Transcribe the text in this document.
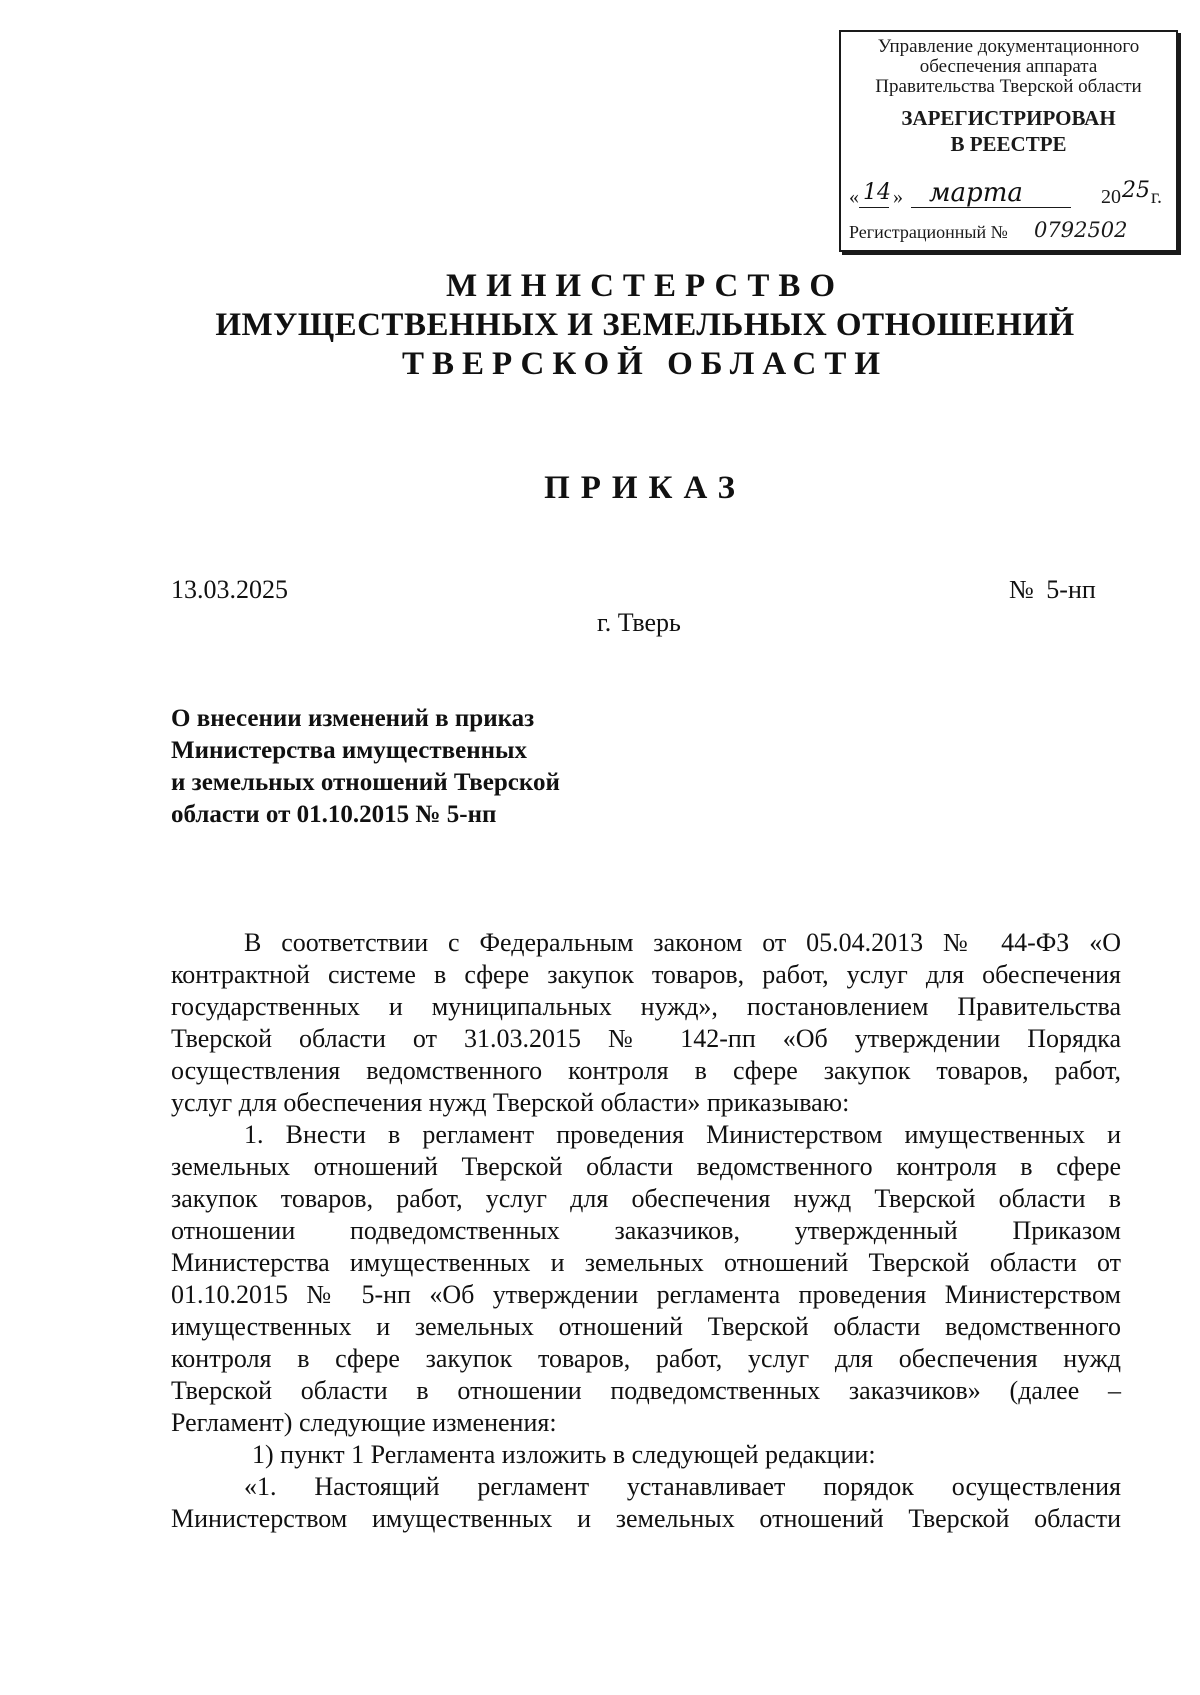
Управление документационного
обеспечения аппарата
Правительства Тверской области
ЗАРЕГИСТРИРОВАН
В РЕЕСТРЕ
« 14 » марта	20 25 г.
Регистрационный № 0792502
МИНИСТЕРСТВО
ИМУЩЕСТВЕННЫХ И ЗЕМЕЛЬНЫХ ОТНОШЕНИЙ
ТВЕРСКОЙ ОБЛАСТИ
ПРИКАЗ
13.03.2025	№ 5-нп
г. Тверь
О внесении изменений в приказ
Министерства имущественных
и земельных отношений Тверской
области от 01.10.2015 № 5-нп
В соответствии с Федеральным законом от 05.04.2013 № 44-ФЗ «О
контрактной системе в сфере закупок товаров, работ, услуг для обеспечения
государственных и муниципальных нужд», постановлением Правительства
Тверской области от 31.03.2015 № 142-пп «Об утверждении Порядка
осуществления ведомственного контроля в сфере закупок товаров, работ,
услуг для обеспечения нужд Тверской области» приказываю:
1. Внести в регламент проведения Министерством имущественных и
земельных отношений Тверской области ведомственного контроля в сфере
закупок товаров, работ, услуг для обеспечения нужд Тверской области в
отношении подведомственных заказчиков, утвержденный Приказом
Министерства имущественных и земельных отношений Тверской области от
01.10.2015 № 5-нп «Об утверждении регламента проведения Министерством
имущественных и земельных отношений Тверской области ведомственного
контроля в сфере закупок товаров, работ, услуг для обеспечения нужд
Тверской области в отношении подведомственных заказчиков» (далее –
Регламент) следующие изменения:
1) пункт 1 Регламента изложить в следующей редакции:
«1. Настоящий регламент устанавливает порядок осуществления
Министерством имущественных и земельных отношений Тверской области
